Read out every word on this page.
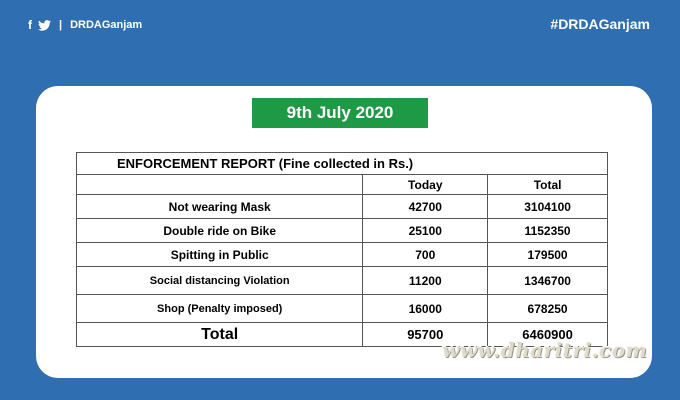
f | DRDAGanjam	#DRDAGanjam
9th July 2020
ENFORCEMENT REPORT (Fine collected in Rs.)		
	Today	Total
Not wearing Mask	42700	3104100
Double ride on Bike	25100	1152350
Spitting in Public	700	179500
Social distancing Violation	11200	1346700
Shop (Penalty imposed)	16000	678250
Total	95700	6460900
www.dharitri.com
